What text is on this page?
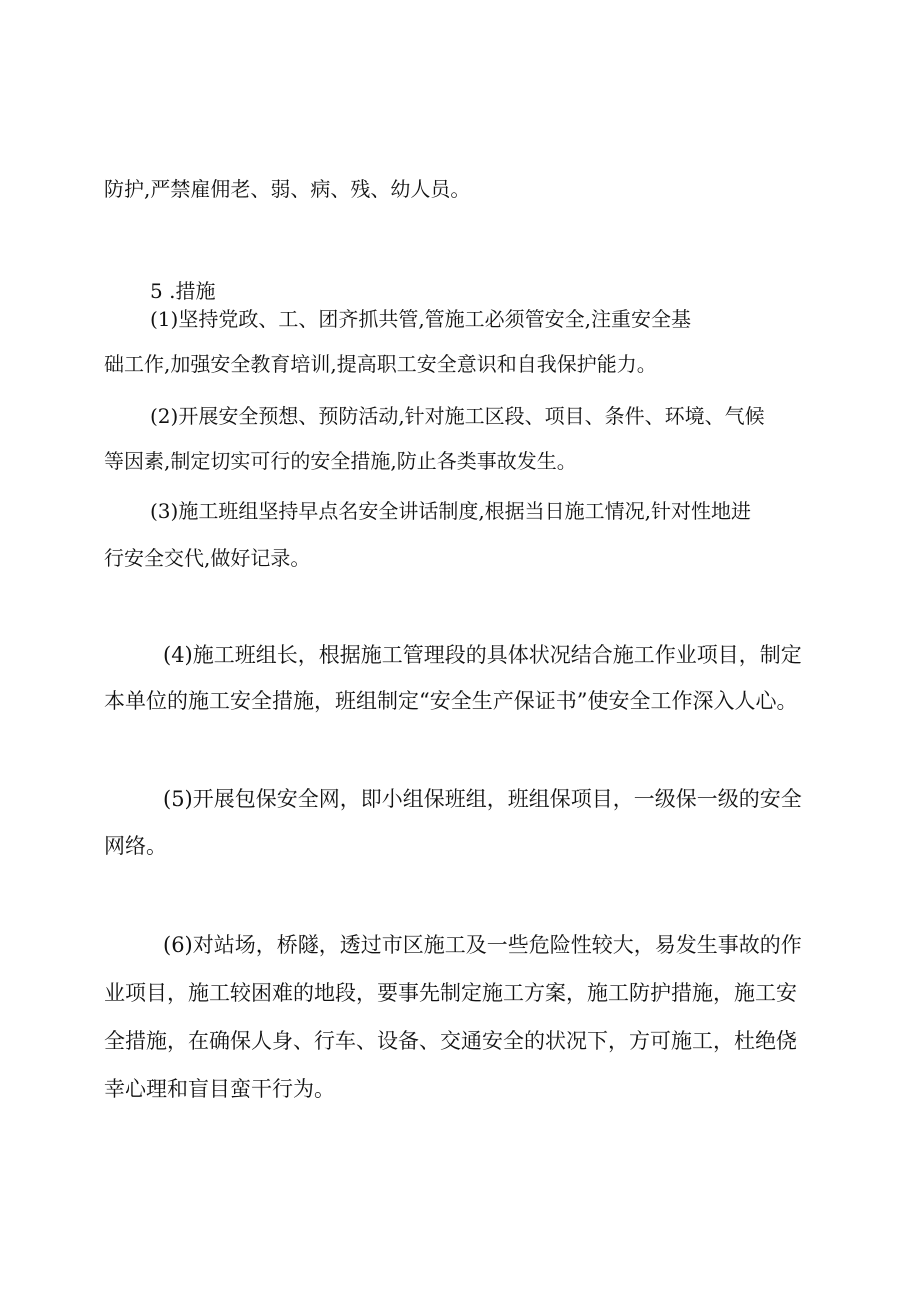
防护,严禁雇佣老、弱、病、残、幼人员。

5 .措施

(1)坚持党政、工、团齐抓共管,管施工必须管安全,注重安全基

础工作,加强安全教育培训,提高职工安全意识和自我保护能力。

(2)开展安全预想、预防活动,针对施工区段、项目、条件、环境、气候

等因素,制定切实可行的安全措施,防止各类事故发生。

(3)施工班组坚持早点名安全讲话制度,根据当日施工情况,针对性地进

行安全交代,做好记录。

(4)施工班组长，根据施工管理段的具体状况结合施工作业项目，制定

本单位的施工安全措施，班组制定“安全生产保证书”使安全工作深入人心。

(5)开展包保安全网，即小组保班组，班组保项目，一级保一级的安全

网络。

(6)对站场，桥隧，透过市区施工及一些危险性较大，易发生事故的作

业项目，施工较困难的地段，要事先制定施工方案，施工防护措施，施工安

全措施，在确保人身、行车、设备、交通安全的状况下，方可施工，杜绝侥

幸心理和盲目蛮干行为。
